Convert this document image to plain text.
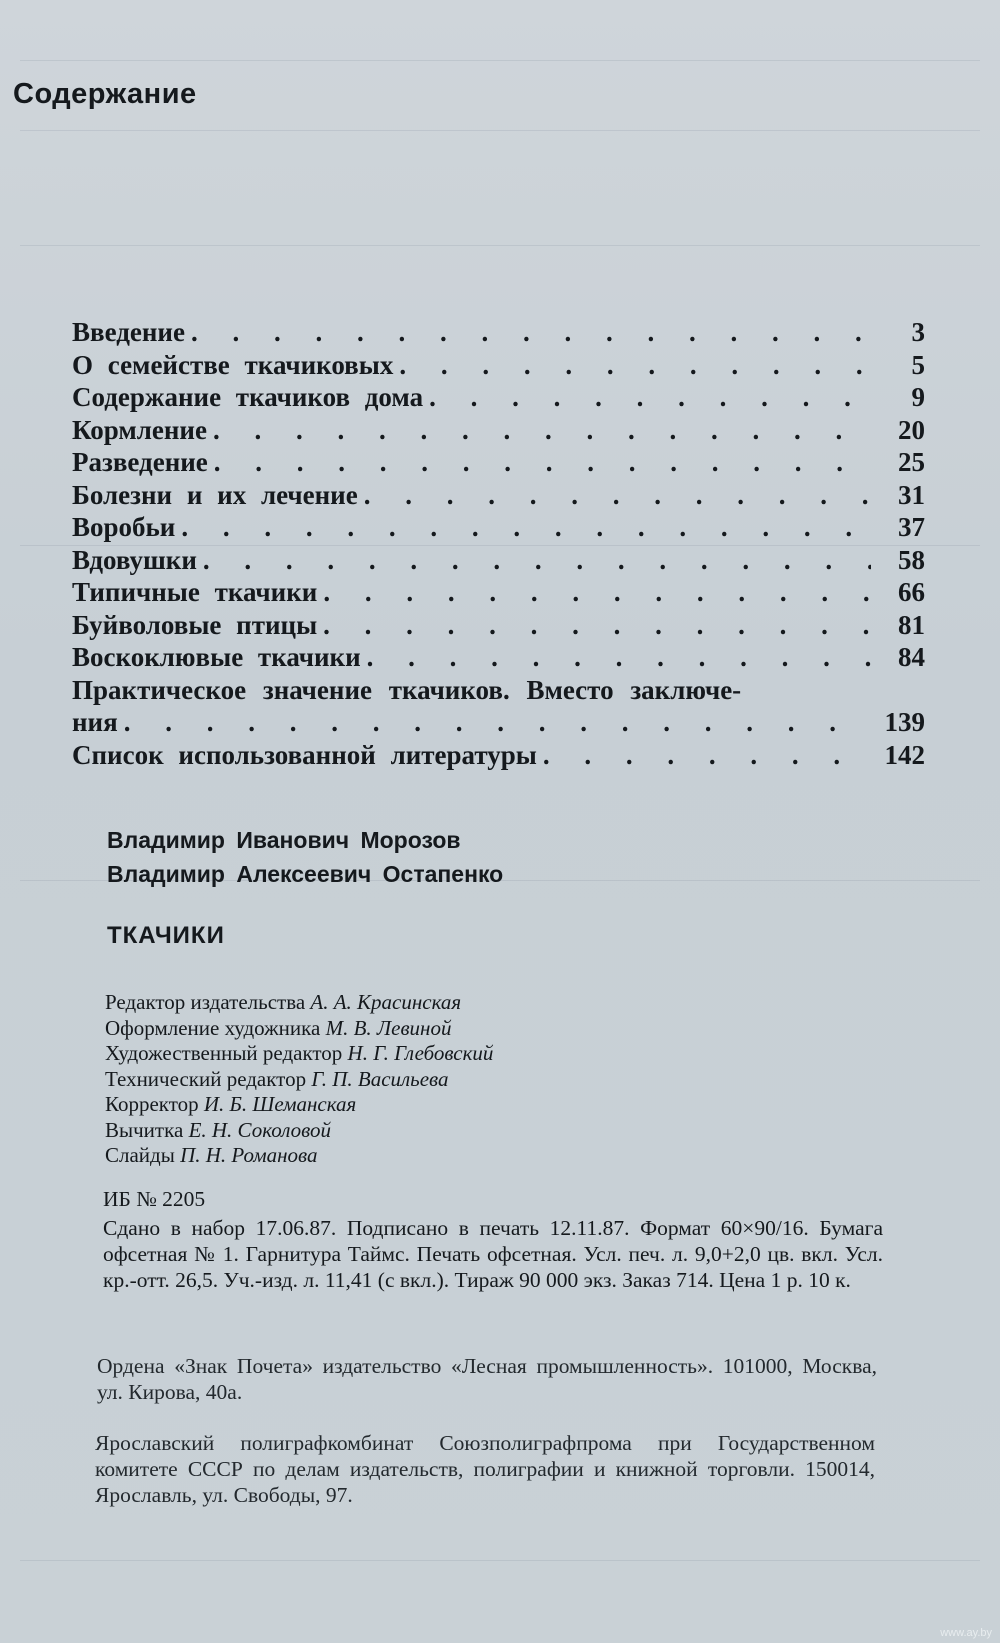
Содержание
Введение . . .	3
О семействе ткачиковых . . .	5
Содержание ткачиков дома . . .	9
Кормление . . .	20
Разведение . . .	25
Болезни и их лечение . . .	31
Воробьи . . .	37
Вдовушки . . .	58
Типичные ткачики . . .	66
Буйволовые птицы . . .	81
Воскоклювые ткачики . . .	84
Практическое значение ткачиков. Вместо заключе-
ния . . .	139
Список использованной литературы . . .	142
Владимир Иванович Морозов
Владимир Алексеевич Остапенко
ТКАЧИКИ
Редактор издательства А. А. Красинская
Оформление художника М. В. Левиной
Художественный редактор Н. Г. Глебовский
Технический редактор Г. П. Васильева
Корректор И. Б. Шеманская
Вычитка Е. Н. Соколовой
Слайды П. Н. Романова
ИБ № 2205
Сдано в набор 17.06.87. Подписано в печать 12.11.87. Формат 60×90/16. Бумага офсетная № 1. Гарнитура Таймс. Печать офсетная. Усл. печ. л. 9,0+2,0 цв. вкл. Усл. кр.-отт. 26,5. Уч.-изд. л. 11,41 (с вкл.). Тираж 90 000 экз. Заказ 714. Цена 1 р. 10 к.
Ордена «Знак Почета» издательство «Лесная промышленность». 101000, Москва, ул. Кирова, 40а.
Ярославский полиграфкомбинат Союзполиграфпрома при Государственном комитете СССР по делам издательств, полиграфии и книжной торговли. 150014, Ярославль, ул. Свободы, 97.
www.ay.by
